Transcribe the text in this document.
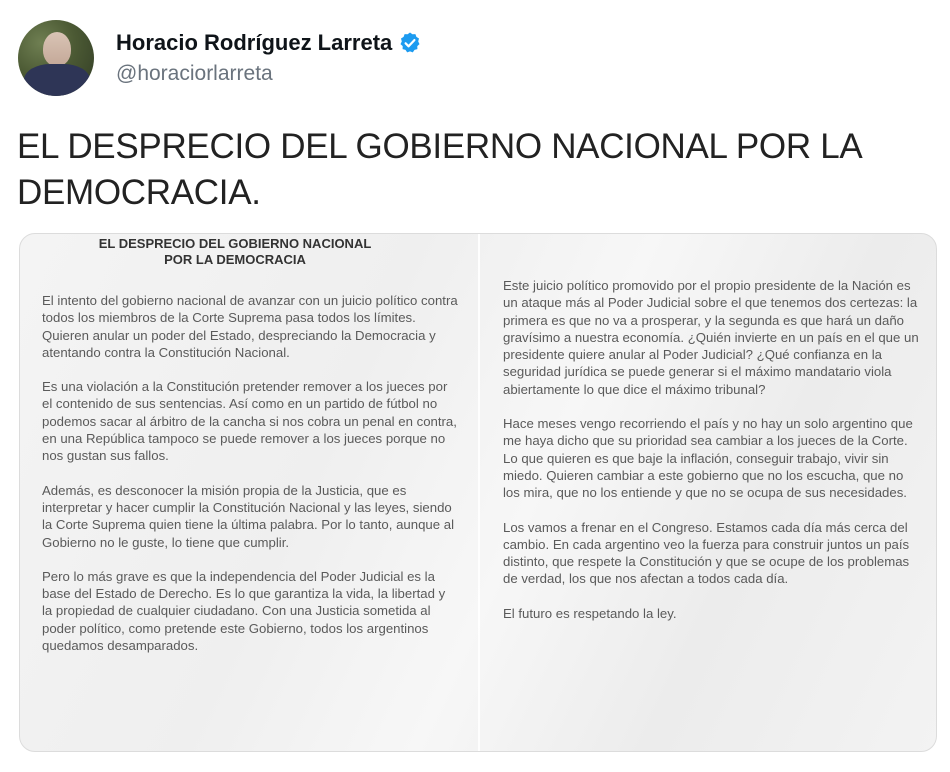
Horacio Rodríguez Larreta
@horaciorlarreta
EL DESPRECIO DEL GOBIERNO NACIONAL POR LA DEMOCRACIA.
EL DESPRECIO DEL GOBIERNO NACIONAL
POR LA DEMOCRACIA

El intento del gobierno nacional de avanzar con un juicio político contra todos los miembros de la Corte Suprema pasa todos los límites. Quieren anular un poder del Estado, despreciando la Democracia y atentando contra la Constitución Nacional.

Es una violación a la Constitución pretender remover a los jueces por el contenido de sus sentencias. Así como en un partido de fútbol no podemos sacar al árbitro de la cancha si nos cobra un penal en contra, en una República tampoco se puede remover a los jueces porque no nos gustan sus fallos.

Además, es desconocer la misión propia de la Justicia, que es interpretar y hacer cumplir la Constitución Nacional y las leyes, siendo la Corte Suprema quien tiene la última palabra. Por lo tanto, aunque al Gobierno no le guste, lo tiene que cumplir.

Pero lo más grave es que la independencia del Poder Judicial es la base del Estado de Derecho. Es lo que garantiza la vida, la libertad y la propiedad de cualquier ciudadano. Con una Justicia sometida al poder político, como pretende este Gobierno, todos los argentinos quedamos desamparados.

Este juicio político promovido por el propio presidente de la Nación es un ataque más al Poder Judicial sobre el que tenemos dos certezas: la primera es que no va a prosperar, y la segunda es que hará un daño gravísimo a nuestra economía. ¿Quién invierte en un país en el que un presidente quiere anular al Poder Judicial? ¿Qué confianza en la seguridad jurídica se puede generar si el máximo mandatario viola abiertamente lo que dice el máximo tribunal?

Hace meses vengo recorriendo el país y no hay un solo argentino que me haya dicho que su prioridad sea cambiar a los jueces de la Corte. Lo que quieren es que baje la inflación, conseguir trabajo, vivir sin miedo. Quieren cambiar a este gobierno que no los escucha, que no los mira, que no los entiende y que no se ocupa de sus necesidades.

Los vamos a frenar en el Congreso. Estamos cada día más cerca del cambio. En cada argentino veo la fuerza para construir juntos un país distinto, que respete la Constitución y que se ocupe de los problemas de verdad, los que nos afectan a todos cada día.

El futuro es respetando la ley.
